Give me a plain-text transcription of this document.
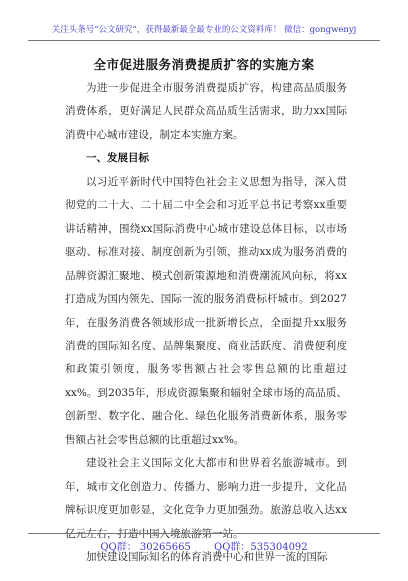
关注头条号“公文研究”，获得最新最全最专业的公文资料库！ 微信：gongwenyj
全市促进服务消费提质扩容的实施方案

为进一步促进全市服务消费提质扩容，构建高品质服务消费体系，更好满足人民群众高品质生活需求，助力xx国际消费中心城市建设，制定本实施方案。

一、发展目标

以习近平新时代中国特色社会主义思想为指导，深入贯彻党的二十大、二十届二中全会和习近平总书记考察xx重要讲话精神，围绕xx国际消费中心城市建设总体目标，以市场驱动、标准对接、制度创新为引领，推动xx成为服务消费的品牌资源汇聚地、模式创新策源地和消费潮流风向标，将xx打造成为国内领先、国际一流的服务消费标杆城市。到2027年，在服务消费各领域形成一批新增长点，全面提升xx服务消费的国际知名度、品牌集聚度、商业活跃度、消费便利度和政策引领度，服务零售额占社会零售总额的比重超过xx%。到2035年，形成资源集聚和辐射全球市场的高品质、创新型、数字化、融合化、绿色化服务消费新体系，服务零售额占社会零售总额的比重超过xx%。

建设社会主义国际文化大都市和世界着名旅游城市。到年，城市文化创造力、传播力、影响力进一步提升，文化品牌标识度更加彰显，文化竞争力更加强劲。旅游总收入达xx亿元左右，打造中国入境旅游第一站。

加快建设国际知名的体育消费中心和世界一流的国际

QQ群： 30265665 QQ群：535304092
